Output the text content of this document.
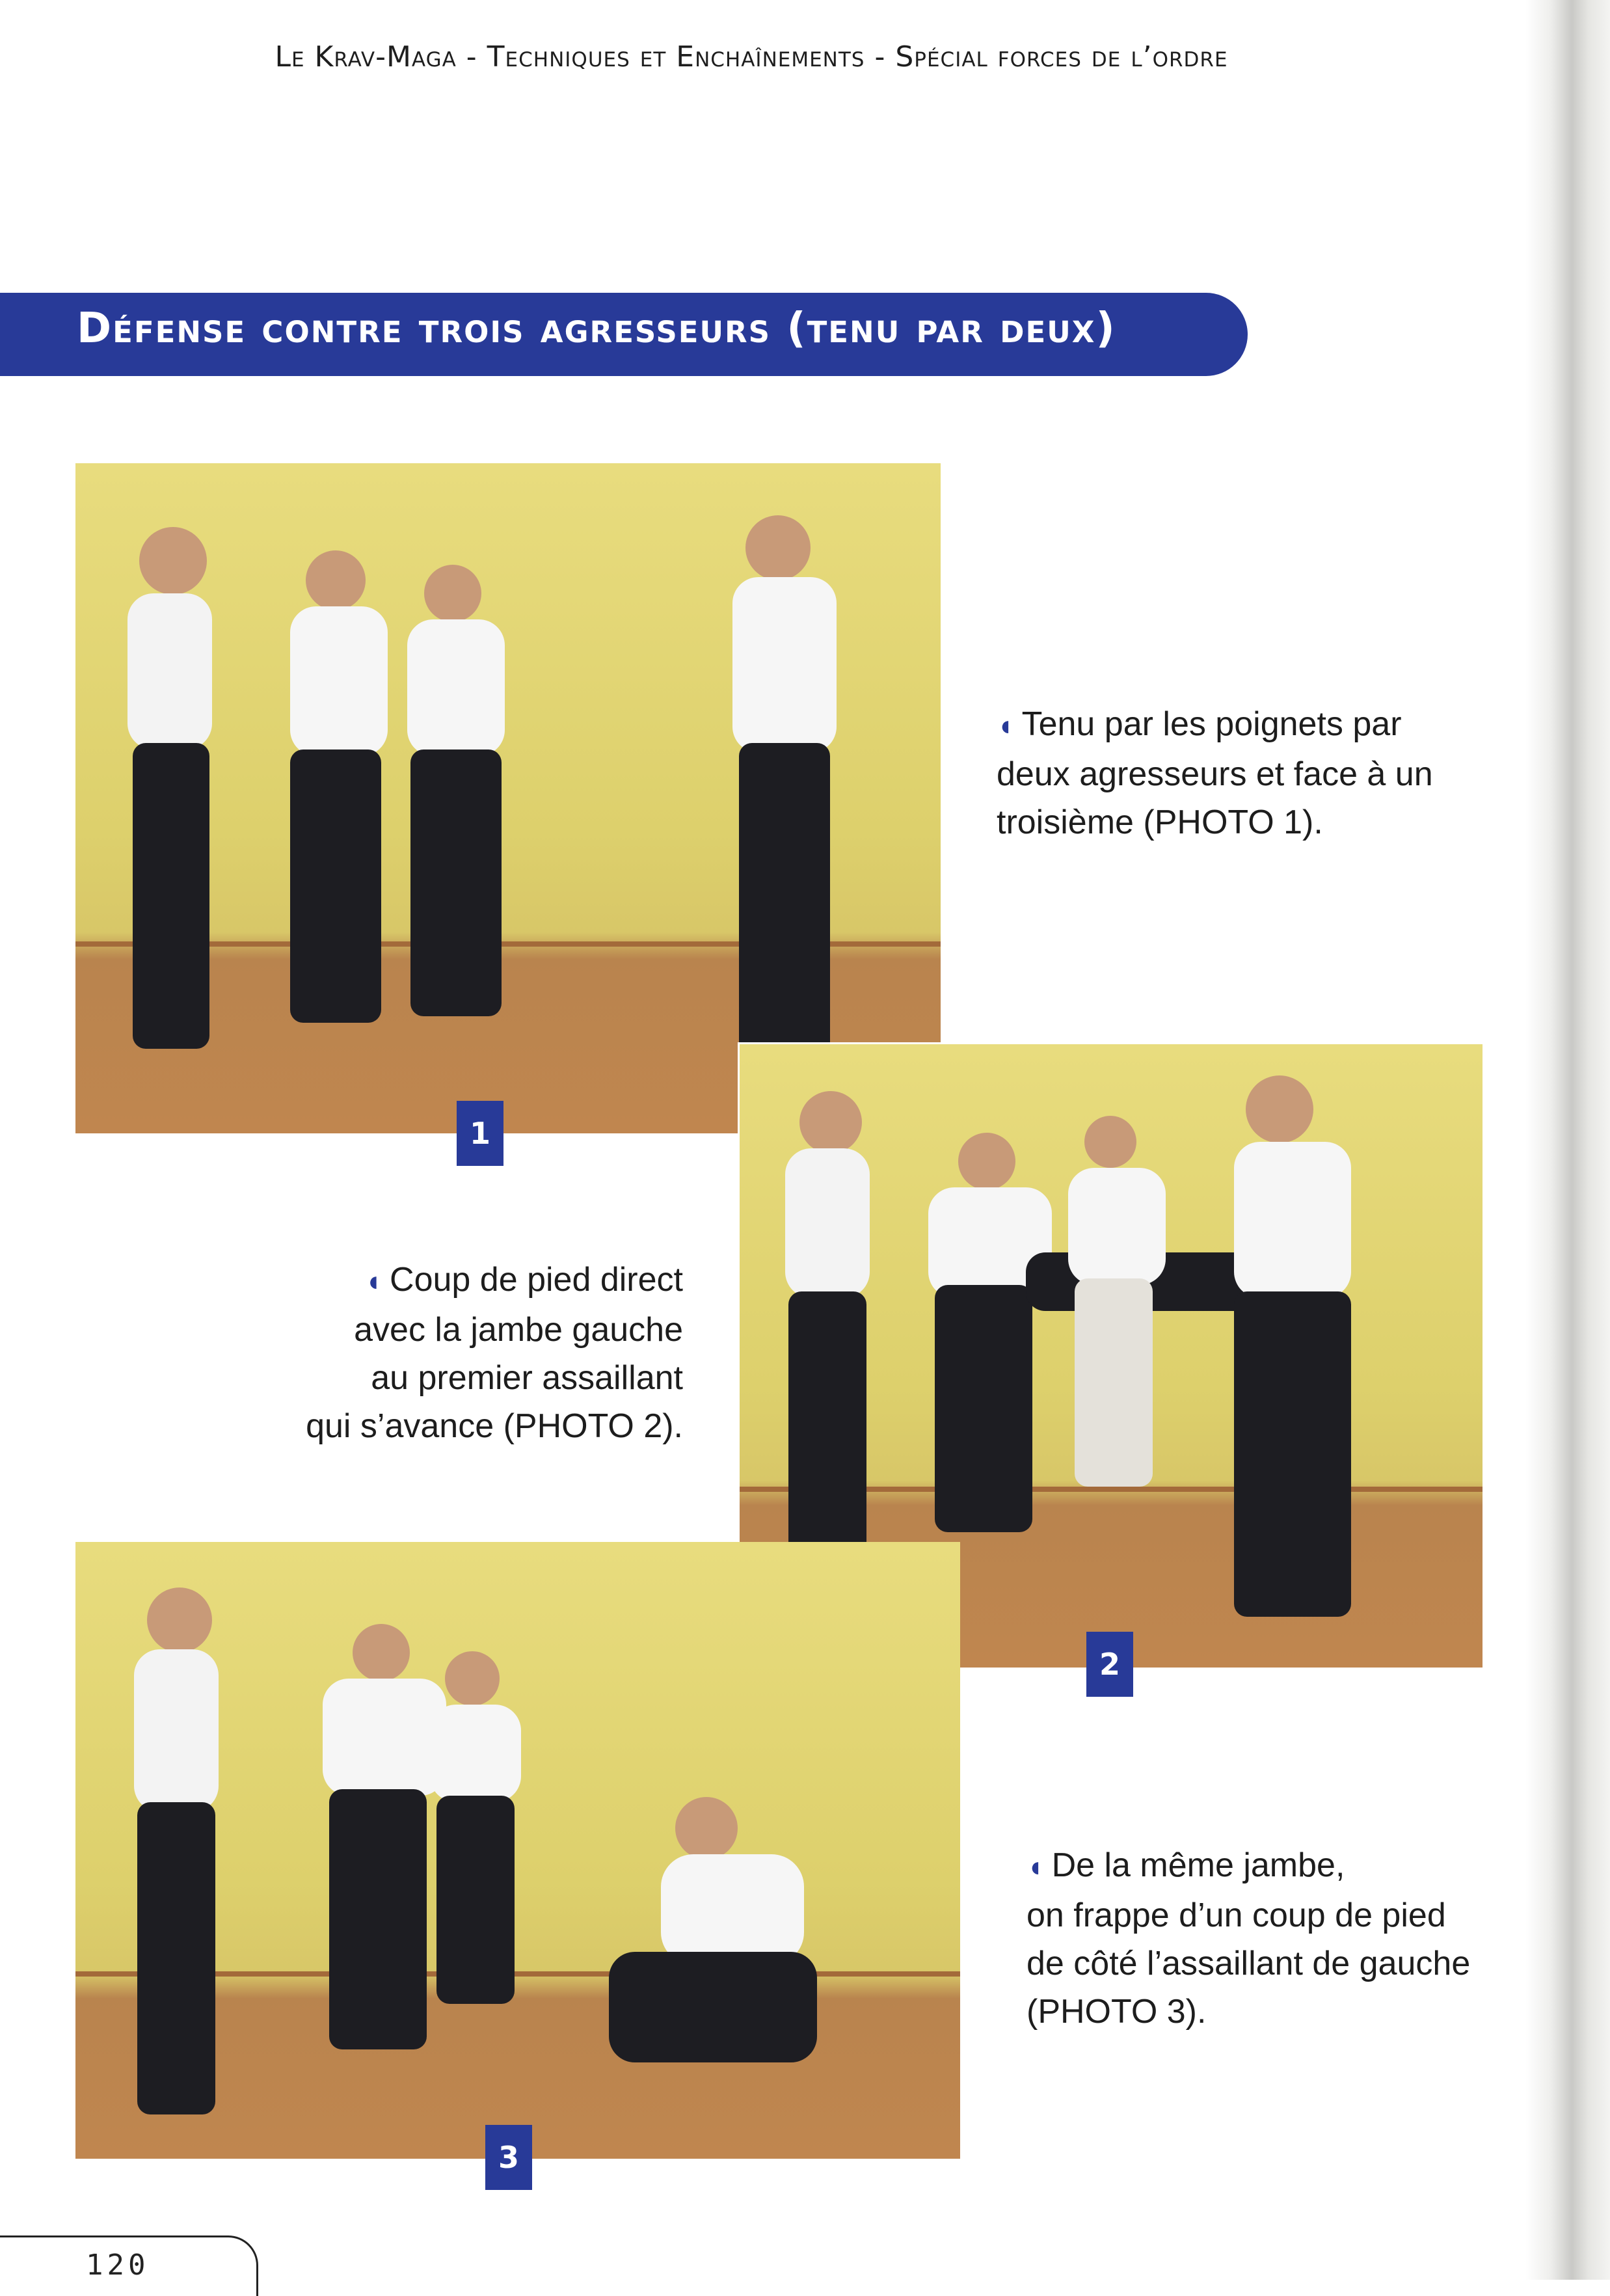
Le Krav-Maga - Techniques et Enchaînements - Spécial forces de l’ordre
Défense contre trois agresseurs (tenu par deux)
1
◖ Tenu par les poignets par
deux agresseurs et face à un
troisième (PHOTO 1).
2
◖ Coup de pied direct
avec la jambe gauche
au premier assaillant
qui s’avance (PHOTO 2).
3
◖ De la même jambe,
on frappe d’un coup de pied
de côté l’assaillant de gauche
(PHOTO 3).
120
